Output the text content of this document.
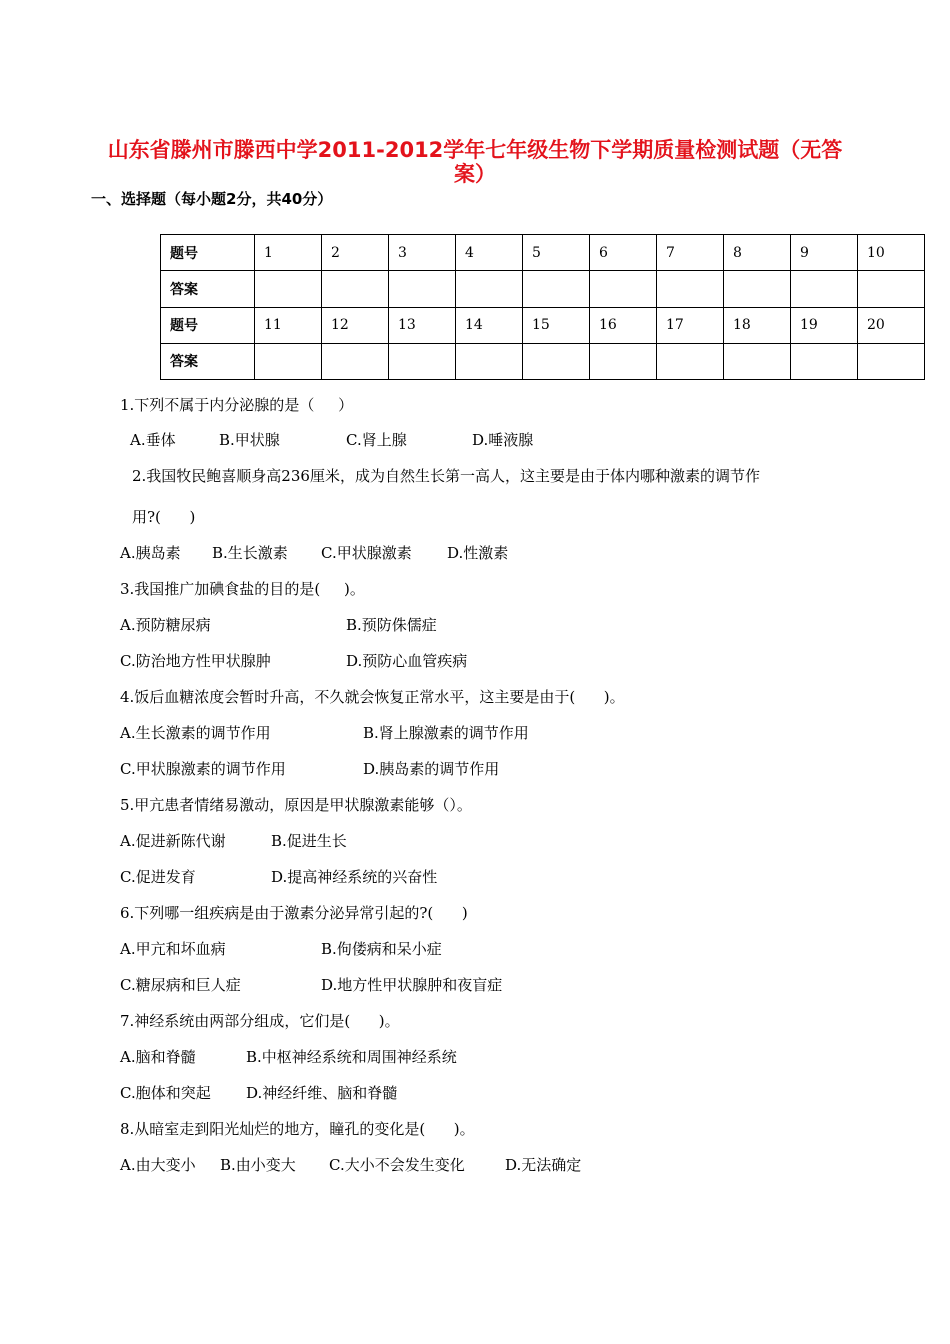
山东省滕州市滕西中学2011-2012学年七年级生物下学期质量检测试题（无答
案）
一、选择题（每小题2分，共40分）
题号	1	2	3	4	5	6	7	8	9	10
答案										
题号	11	12	13	14	15	16	17	18	19	20
答案										
1.下列不属于内分泌腺的是（     ）
A.垂体	B.甲状腺	C.肾上腺	D.唾液腺
2.我国牧民鲍喜顺身高236厘米，成为自然生长第一高人，这主要是由于体内哪种激素的调节作
用?(      )
A.胰岛素 B.生长激素 C.甲状腺激素 D.性激素
3.我国推广加碘食盐的目的是(     )。
A.预防糖尿病	B.预防侏儒症
C.防治地方性甲状腺肿	D.预防心血管疾病
4.饭后血糖浓度会暂时升高，不久就会恢复正常水平，这主要是由于(      )。
A.生长激素的调节作用	B.肾上腺激素的调节作用
C.甲状腺激素的调节作用	D.胰岛素的调节作用
5.甲亢患者情绪易激动，原因是甲状腺激素能够（）。
A.促进新陈代谢	B.促进生长
C.促进发育	D.提高神经系统的兴奋性
6.下列哪一组疾病是由于激素分泌异常引起的?(      )
A.甲亢和坏血病	B.佝偻病和呆小症
C.糖尿病和巨人症	D.地方性甲状腺肿和夜盲症
7.神经系统由两部分组成，它们是(      )。
A.脑和脊髓	B.中枢神经系统和周围神经系统
C.胞体和突起 D.神经纤维、脑和脊髓
8.从暗室走到阳光灿烂的地方，瞳孔的变化是(      )。
A.由大变小 B.由小变大 C.大小不会发生变化	D.无法确定
